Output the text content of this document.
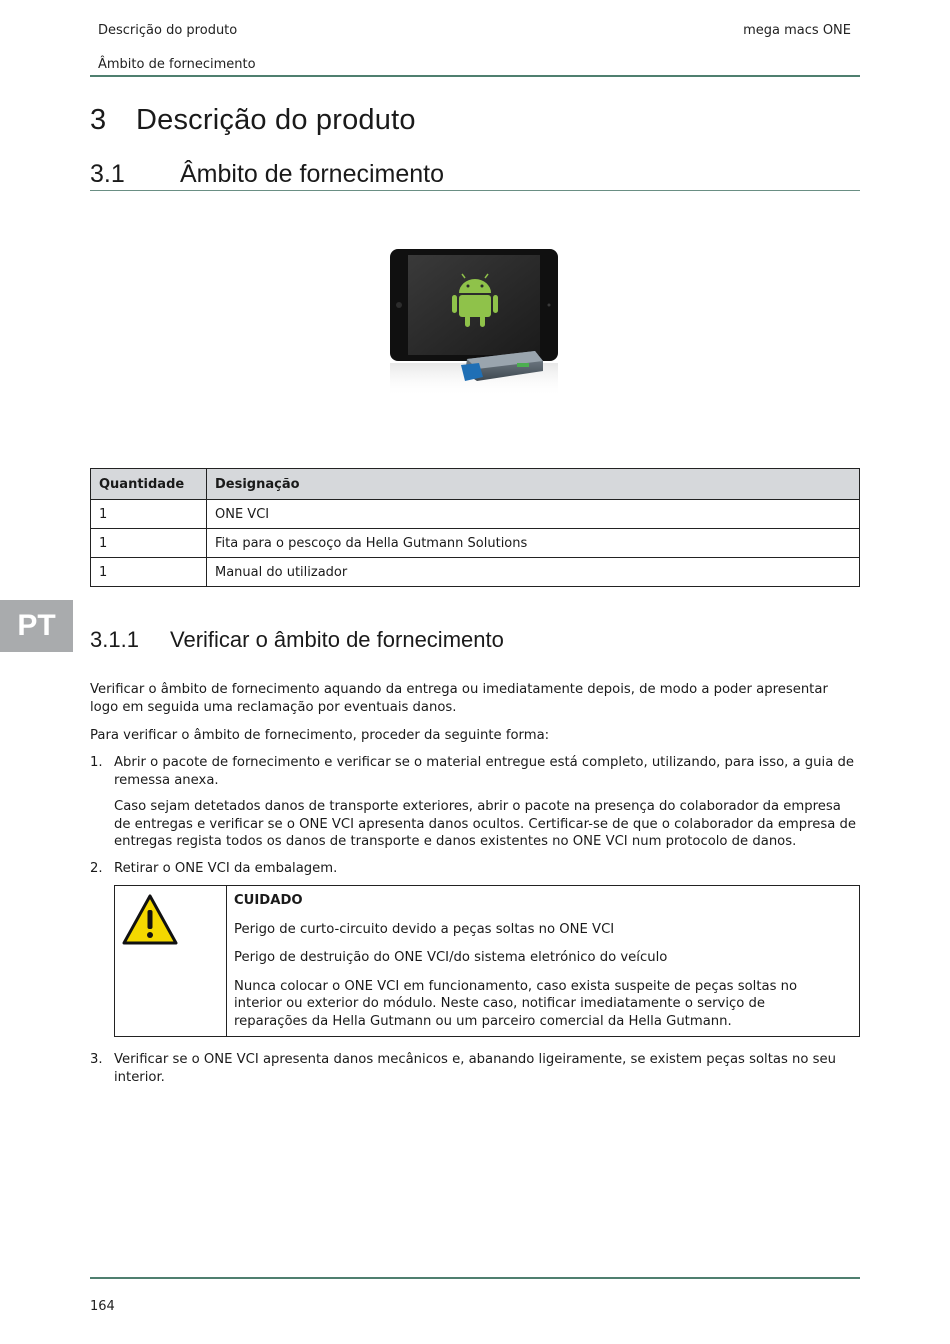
Descrição do produto
Âmbito de fornecimento
mega macs ONE
3 Descrição do produto
3.1 Âmbito de fornecimento
Quantidade	Designação
1	ONE VCI
1	Fita para o pescoço da Hella Gutmann Solutions
1	Manual do utilizador
PT	3.1.1 Verificar o âmbito de fornecimento
Verificar o âmbito de fornecimento aquando da entrega ou imediatamente depois, de modo a poder apresentar logo em seguida uma reclamação por eventuais danos.
Para verificar o âmbito de fornecimento, proceder da seguinte forma:
1. Abrir o pacote de fornecimento e verificar se o material entregue está completo, utilizando, para isso, a guia de remessa anexa.
Caso sejam detetados danos de transporte exteriores, abrir o pacote na presença do colaborador da empresa de entregas e verificar se o ONE VCI apresenta danos ocultos. Certificar-se de que o colaborador da empresa de entregas regista todos os danos de transporte e danos existentes no ONE VCI num protocolo de danos.
2. Retirar o ONE VCI da embalagem.

CUIDADO

Perigo de curto-circuito devido a peças soltas no ONE VCI

Perigo de destruição do ONE VCI/do sistema eletrónico do veículo

Nunca colocar o ONE VCI em funcionamento, caso exista suspeite de peças soltas no interior ou exterior do módulo. Neste caso, notificar imediatamente o serviço de reparações da Hella Gutmann ou um parceiro comercial da Hella Gutmann.

3. Verificar se o ONE VCI apresenta danos mecânicos e, abanando ligeiramente, se existem peças soltas no seu interior.
164
